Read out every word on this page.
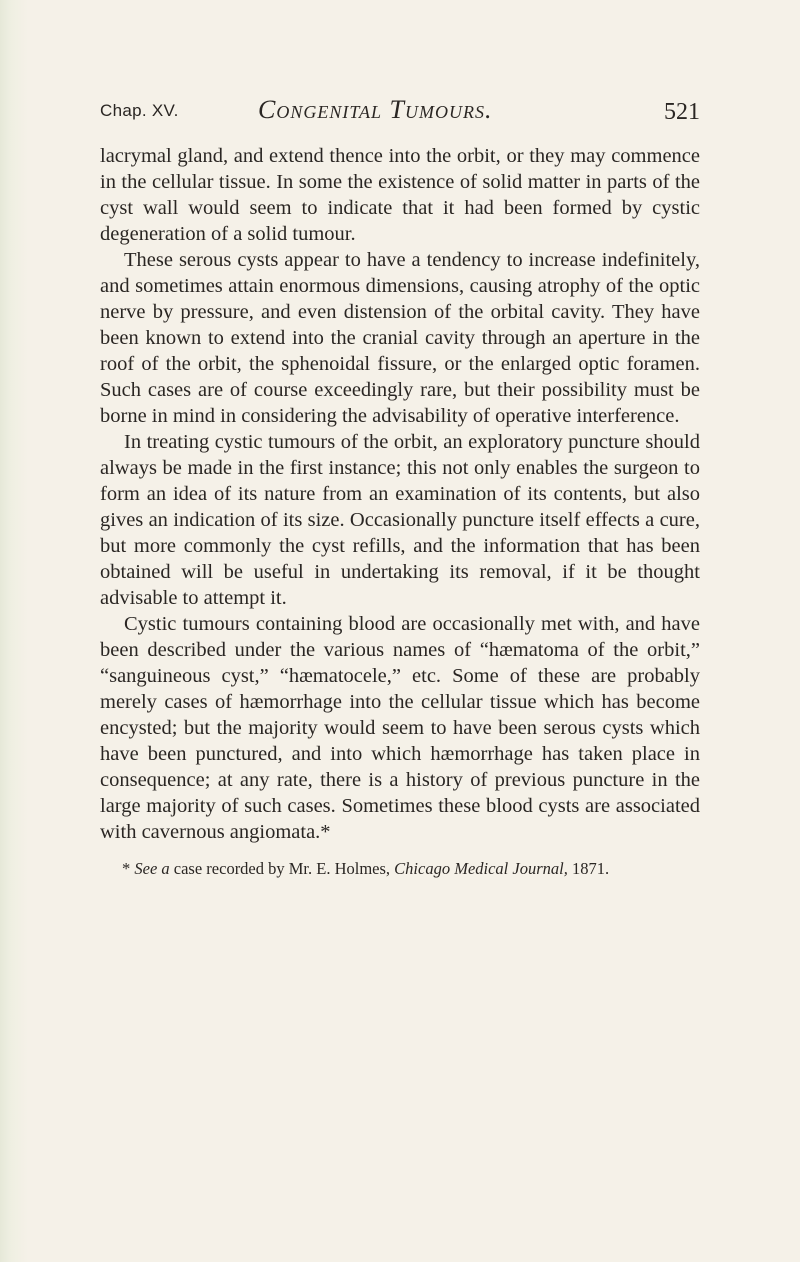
Chap. XV.	Congenital Tumours.	521

lacrymal gland, and extend thence into the orbit, or they may commence in the cellular tissue. In some the existence of solid matter in parts of the cyst wall would seem to indicate that it had been formed by cystic degeneration of a solid tumour.

These serous cysts appear to have a tendency to increase indefinitely, and sometimes attain enormous dimensions, causing atrophy of the optic nerve by pressure, and even distension of the orbital cavity. They have been known to extend into the cranial cavity through an aperture in the roof of the orbit, the sphenoidal fissure, or the enlarged optic foramen. Such cases are of course exceedingly rare, but their possibility must be borne in mind in considering the advisability of operative interference.

In treating cystic tumours of the orbit, an exploratory puncture should always be made in the first instance; this not only enables the surgeon to form an idea of its nature from an examination of its contents, but also gives an indication of its size. Occasionally puncture itself effects a cure, but more commonly the cyst refills, and the information that has been obtained will be useful in undertaking its removal, if it be thought advisable to attempt it.

Cystic tumours containing blood are occasionally met with, and have been described under the various names of “hæmatoma of the orbit,” “sanguineous cyst,” “hæmatocele,” etc. Some of these are probably merely cases of hæmorrhage into the cellular tissue which has become encysted; but the majority would seem to have been serous cysts which have been punctured, and into which hæmorrhage has taken place in consequence; at any rate, there is a history of previous puncture in the large majority of such cases. Sometimes these blood cysts are associated with cavernous angiomata.*

* See a case recorded by Mr. E. Holmes, Chicago Medical Journal, 1871.
